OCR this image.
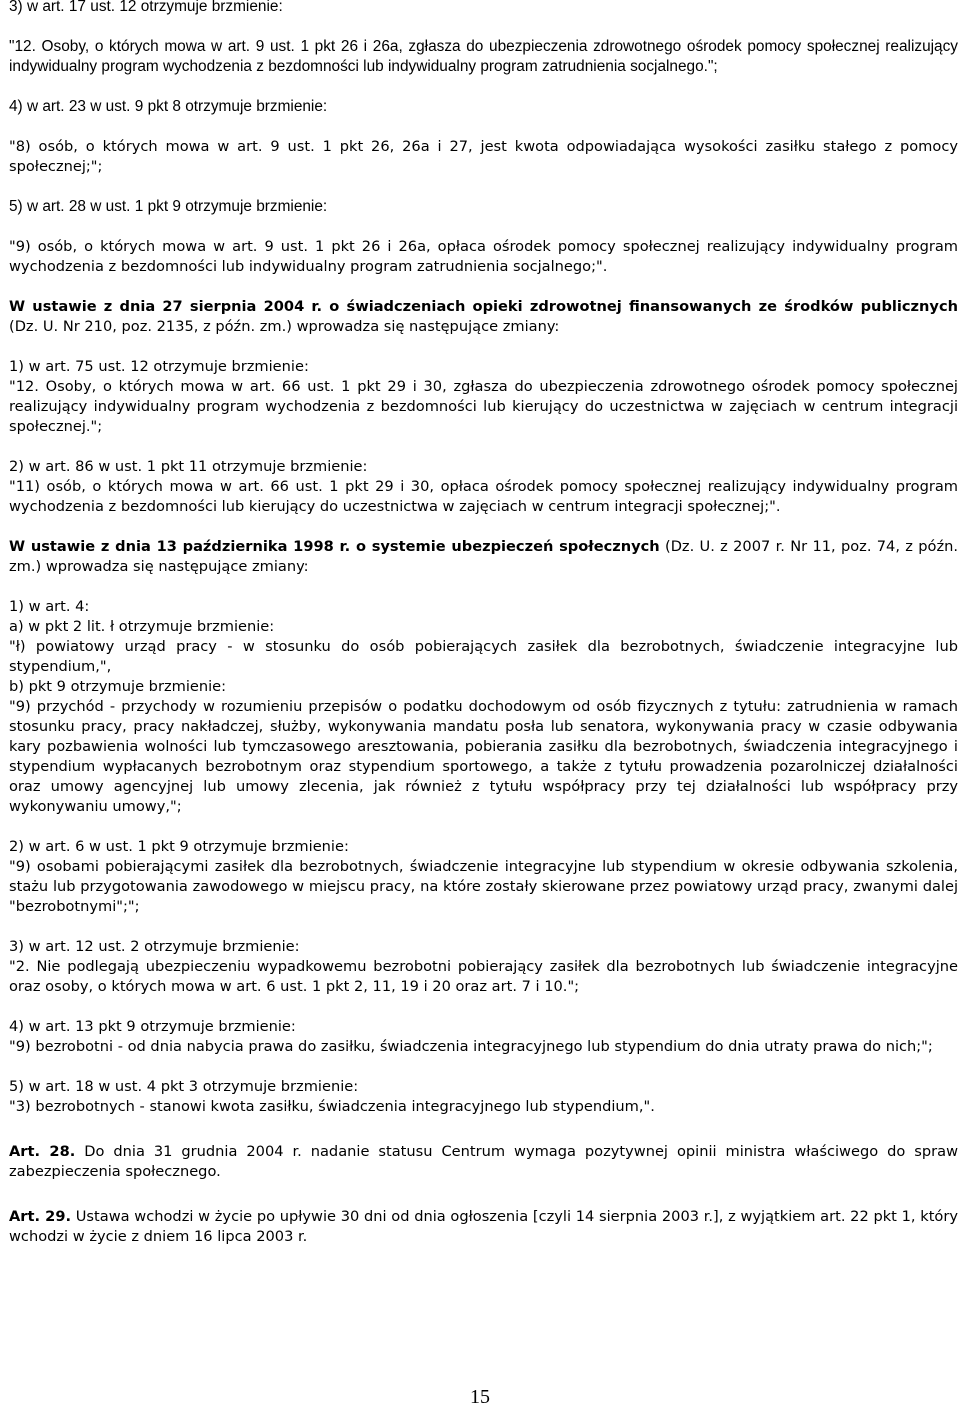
3) w art. 17 ust. 12 otrzymuje brzmienie:

"12. Osoby, o których mowa w art. 9 ust. 1 pkt 26 i 26a, zgłasza do ubezpieczenia zdrowotnego ośrodek pomocy społecznej realizujący indywidualny program wychodzenia z bezdomności lub indywidualny program zatrudnienia socjalnego.";

4) w art. 23 w ust. 9 pkt 8 otrzymuje brzmienie:

"8) osób, o których mowa w art. 9 ust. 1 pkt 26, 26a i 27, jest kwota odpowiadająca wysokości zasiłku stałego z pomocy społecznej;";

5) w art. 28 w ust. 1 pkt 9 otrzymuje brzmienie:

"9) osób, o których mowa w art. 9 ust. 1 pkt 26 i 26a, opłaca ośrodek pomocy społecznej realizujący indywidualny program wychodzenia z bezdomności lub indywidualny program zatrudnienia socjalnego;".

W ustawie z dnia 27 sierpnia 2004 r. o świadczeniach opieki zdrowotnej finansowanych ze środków publicznych (Dz. U. Nr 210, poz. 2135, z późn. zm.) wprowadza się następujące zmiany:

1) w art. 75 ust. 12 otrzymuje brzmienie:

"12. Osoby, o których mowa w art. 66 ust. 1 pkt 29 i 30, zgłasza do ubezpieczenia zdrowotnego ośrodek pomocy społecznej realizujący indywidualny program wychodzenia z bezdomności lub kierujący do uczestnictwa w zajęciach w centrum integracji społecznej.";

2) w art. 86 w ust. 1 pkt 11 otrzymuje brzmienie:

"11) osób, o których mowa w art. 66 ust. 1 pkt 29 i 30, opłaca ośrodek pomocy społecznej realizujący indywidualny program wychodzenia z bezdomności lub kierujący do uczestnictwa w zajęciach w centrum integracji społecznej;".

W ustawie z dnia 13 października 1998 r. o systemie ubezpieczeń społecznych (Dz. U. z 2007 r. Nr 11, poz. 74, z późn. zm.) wprowadza się następujące zmiany:

1) w art. 4:

a) w pkt 2 lit. ł otrzymuje brzmienie:

"ł) powiatowy urząd pracy - w stosunku do osób pobierających zasiłek dla bezrobotnych, świadczenie integracyjne lub stypendium,",

b) pkt 9 otrzymuje brzmienie:

"9) przychód - przychody w rozumieniu przepisów o podatku dochodowym od osób fizycznych z tytułu: zatrudnienia w ramach stosunku pracy, pracy nakładczej, służby, wykonywania mandatu posła lub senatora, wykonywania pracy w czasie odbywania kary pozbawienia wolności lub tymczasowego aresztowania, pobierania zasiłku dla bezrobotnych, świadczenia integracyjnego i stypendium wypłacanych bezrobotnym oraz stypendium sportowego, a także z tytułu prowadzenia pozarolniczej działalności oraz umowy agencyjnej lub umowy zlecenia, jak również z tytułu współpracy przy tej działalności lub współpracy przy wykonywaniu umowy,";

2) w art. 6 w ust. 1 pkt 9 otrzymuje brzmienie:

"9) osobami pobierającymi zasiłek dla bezrobotnych, świadczenie integracyjne lub stypendium w okresie odbywania szkolenia, stażu lub przygotowania zawodowego w miejscu pracy, na które zostały skierowane przez powiatowy urząd pracy, zwanymi dalej "bezrobotnymi";";

3) w art. 12 ust. 2 otrzymuje brzmienie:

"2. Nie podlegają ubezpieczeniu wypadkowemu bezrobotni pobierający zasiłek dla bezrobotnych lub świadczenie integracyjne oraz osoby, o których mowa w art. 6 ust. 1 pkt 2, 11, 19 i 20 oraz art. 7 i 10.";

4) w art. 13 pkt 9 otrzymuje brzmienie:

"9) bezrobotni - od dnia nabycia prawa do zasiłku, świadczenia integracyjnego lub stypendium do dnia utraty prawa do nich;";

5) w art. 18 w ust. 4 pkt 3 otrzymuje brzmienie:

"3) bezrobotnych - stanowi kwota zasiłku, świadczenia integracyjnego lub stypendium,".

Art. 28. Do dnia 31 grudnia 2004 r. nadanie statusu Centrum wymaga pozytywnej opinii ministra właściwego do spraw zabezpieczenia społecznego.

Art. 29. Ustawa wchodzi w życie po upływie 30 dni od dnia ogłoszenia [czyli 14 sierpnia 2003 r.], z wyjątkiem art. 22 pkt 1, który wchodzi w życie z dniem 16 lipca 2003 r.

15
